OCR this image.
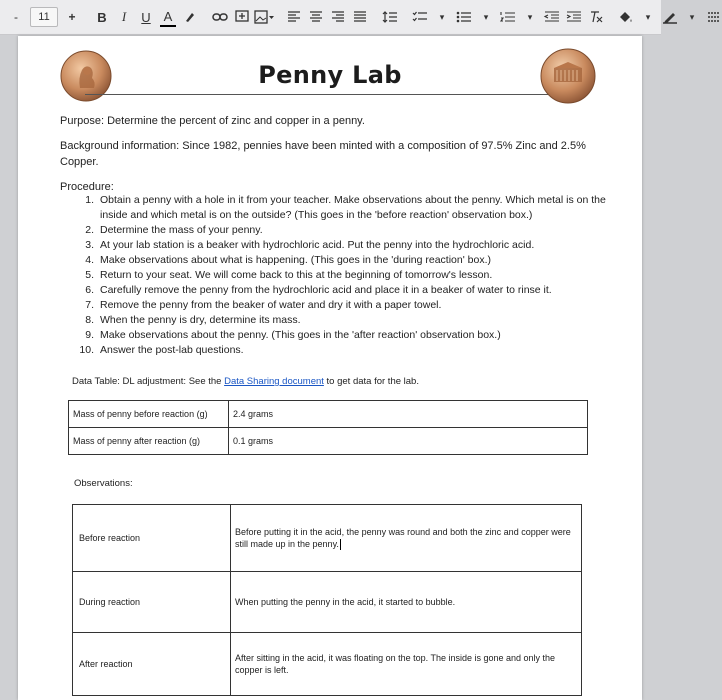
-	11	+	B	I	U A	▾	▾	▾	▾	▾
Penny Lab
Purpose: Determine the percent of zinc and copper in a penny.
Background information: Since 1982, pennies have been minted with a composition of 97.5% Zinc and 2.5%
Copper.
Procedure:
1. Obtain a penny with a hole in it from your teacher. Make observations about the penny. Which metal is on the inside and which metal is on the outside? (This goes in the 'before reaction' observation box.)
2. Determine the mass of your penny.
3. At your lab station is a beaker with hydrochloric acid. Put the penny into the hydrochloric acid.
4. Make observations about what is happening. (This goes in the 'during reaction' box.)
5. Return to your seat. We will come back to this at the beginning of tomorrow's lesson.
6. Carefully remove the penny from the hydrochloric acid and place it in a beaker of water to rinse it.
7. Remove the penny from the beaker of water and dry it with a paper towel.
8. When the penny is dry, determine its mass.
9. Make observations about the penny. (This goes in the 'after reaction' observation box.)
10. Answer the post-lab questions.
Data Table: DL adjustment: See the Data Sharing document to get data for the lab.
Mass of penny before reaction (g)	2.4 grams
Mass of penny after reaction (g)	0.1 grams
Observations:
Before reaction	Before putting it in the acid, the penny was round and both the zinc and copper were still made up in the penny.
During reaction	When putting the penny in the acid, it started to bubble.
After reaction	After sitting in the acid, it was floating on the top. The inside is gone and only the copper is left.
